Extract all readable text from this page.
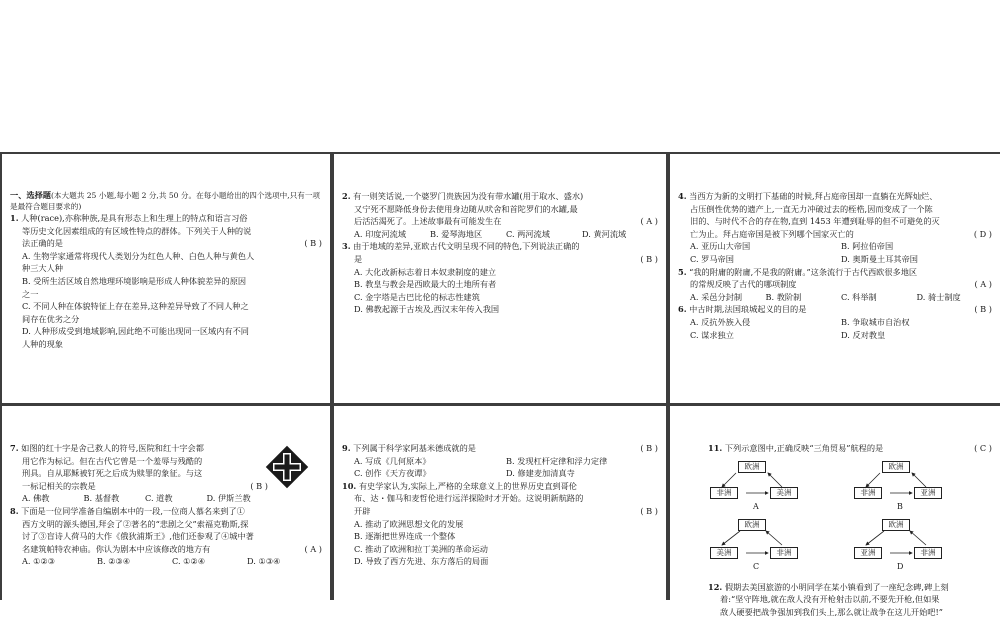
一、选择题(本大题共 25 小题,每小题 2 分,共 50 分。在每小题给出的四个选项中,只有一项是最符合题目要求的)
1. 人种(race),亦称种族,是具有形态上和生理上的特点和语言习俗
等历史文化因素组成的有区域性特点的群体。下列关于人种的说
法正确的是	( B )
A. 生物学家通常将现代人类划分为红色人种、白色人种与黄色人
种三大人种
B. 受所生活区域自然地理环境影响是形成人种体貌差异的原因
之一
C. 不同人种在体貌特征上存在差异,这种差异导致了不同人种之
间存在优劣之分
D. 人种形成受到地域影响,因此绝不可能出现同一区域内有不同
人种的现象
2. 有一则笑话说,一个婆罗门贵族因为没有带水罐(用于取水、盛水)
又宁死不愿降低身份去使用身边随从吠舍和首陀罗们的水罐,最
后活活渴死了。上述故事最有可能发生在	( A )
A. 印度河流域	B. 爱琴海地区	C. 两河流域	D. 黄河流域
3. 由于地域的差异,亚欧古代文明呈现不同的特色,下列说法正确的
是	( B )
A. 大化改新标志着日本奴隶制度的建立
B. 教皇与教会是西欧最大的土地所有者
C. 金字塔是古巴比伦的标志性建筑
D. 佛教起源于古埃及,西汉末年传入我国
4. 当西方为新的文明打下基础的时候,拜占庭帝国却一直躺在光辉灿烂、
占压倒性优势的遗产上,一直无力冲破过去的桎梏,因而变成了一个陈
旧的、与时代不合的存在物,直到 1453 年遭到耻辱的但不可避免的灭
亡为止。拜占庭帝国是被下列哪个国家灭亡的	( D )
A. 亚历山大帝国	B. 阿拉伯帝国
C. 罗马帝国	D. 奥斯曼土耳其帝国
5. “我的附庸的附庸,不是我的附庸。”这条流行于古代西欧很多地区
的常规反映了古代的哪项制度	( A )
A. 采邑分封制	B. 教阶制	C. 科举制	D. 骑士制度
6. 中古时期,法国琅城起义的目的是	( B )
A. 反抗外族入侵	B. 争取城市自治权
C. 谋求独立	D. 反对教皇
7. 如图的红十字是舍己救人的符号,医院和红十字会都
用它作为标记。但在古代它曾是一个羞辱与残酷的
刑具。自从耶稣被钉死之后成为赎罪的象征。与这
一标记相关的宗教是	( B )
A. 佛教	B. 基督教	C. 道教	D. 伊斯兰教
8. 下面是一位同学准备自编剧本中的一段,一位商人慕名来到了①
西方文明的源头德国,拜会了②著名的“悲剧之父”索福克勒斯,探
讨了③盲诗人荷马的大作《俄狄浦斯王》,他们还参观了④城中著
名建筑帕特农神庙。你认为剧本中应该修改的地方有	( A )
A. ①②③	B. ②③④	C. ①②④	D. ①③④
9. 下列属于科学家阿基米德成就的是	( B )
A. 写成《几何原本》	B. 发现杠杆定律和浮力定律
C. 创作《天方夜谭》	D. 修建麦加清真寺
10. 有史学家认为,实际上,严格的全球意义上的世界历史直到哥伦
布、达・伽马和麦哲伦进行远洋探险时才开始。这说明新航路的
开辟	( B )
A. 推动了欧洲思想文化的发展
B. 逐渐把世界连成一个整体
C. 推动了欧洲和拉丁美洲的革命运动
D. 导致了西方先进、东方落后的局面
11. 下列示意图中,正确反映“三角贸易”航程的是	( C )
欧洲
非洲	美洲
A
欧洲
非洲	亚洲
B
欧洲
美洲	非洲
C
欧洲
亚洲	非洲
D
12. 假期去美国旅游的小明同学在某小镇看到了一座纪念碑,碑上刻
着:“坚守阵地,就在敌人没有开枪射击以前,不要先开枪,但如果
敌人硬要把战争强加到我们头上,那么就让战争在这儿开始吧!”
